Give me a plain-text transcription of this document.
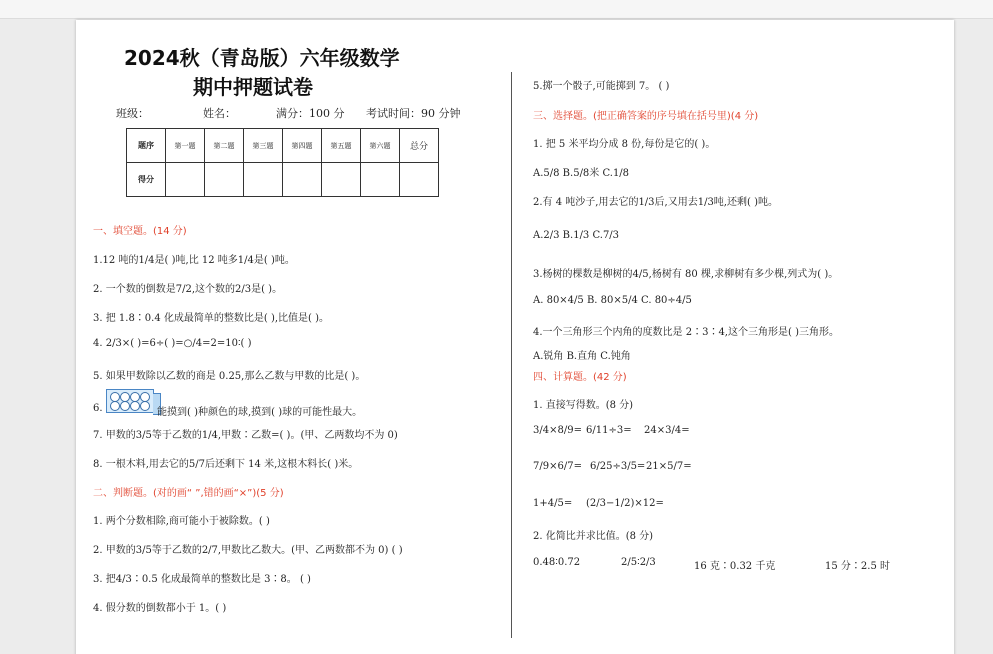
2024秋（青岛版）六年级数学
期中押题试卷
班级：	姓名：	满分：100 分 考试时间：90 分钟
题序	第一题	第二题	第三题	第四题	第五题	第六题	总分
得分							
一、填空题。(14 分)
1.12 吨的1/4是( )吨,比 12 吨多1/4是( )吨。
2. 一个数的倒数是7/2,这个数的2/3是( )。
3. 把 1.8∶0.4 化成最简单的整数比是( ),比值是( )。
4. 2/3×( )=6÷( )=○/4=2=10∶( )
5. 如果甲数除以乙数的商是 0.25,那么乙数与甲数的比是( )。
6.	能摸到( )种颜色的球,摸到( )球的可能性最大。
7. 甲数的3/5等于乙数的1/4,甲数∶乙数=( )。(甲、乙两数均不为 0)
8. 一根木料,用去它的5/7后还剩下 14 米,这根木料长( )米。
二、判断题。(对的画“ ”,错的画“×”)(5 分)
1. 两个分数相除,商可能小于被除数。( )
2. 甲数的3/5等于乙数的2/7,甲数比乙数大。(甲、乙两数都不为 0) ( )
3. 把4/3∶0.5 化成最简单的整数比是 3∶8。 ( )
4. 假分数的倒数都小于 1。( )
5.掷一个骰子,可能掷到 7。 ( )
三、选择题。(把正确答案的序号填在括号里)(4 分)
1. 把 5 米平均分成 8 份,每份是它的( )。
A.5/8 B.5/8米 C.1/8
2.有 4 吨沙子,用去它的1/3后,又用去1/3吨,还剩( )吨。
A.2/3 B.1/3 C.7/3
3.杨树的棵数是柳树的4/5,杨树有 80 棵,求柳树有多少棵,列式为( )。
A. 80×4/5 B. 80×5/4 C. 80÷4/5
4.一个三角形三个内角的度数比是 2∶3∶4,这个三角形是( )三角形。
A.锐角 B.直角 C.钝角
四、计算题。(42 分)
1. 直接写得数。(8 分)
3/4×8/9= 6/11÷3= 24×3/4=
7/9×6/7= 6/25÷3/5= 21×5/7=
1+4/5= (2/3−1/2)×12=
2. 化简比并求比值。(8 分)
0.48∶0.72	2/5∶2/3	16 克∶0.32 千克	15 分∶2.5 时
